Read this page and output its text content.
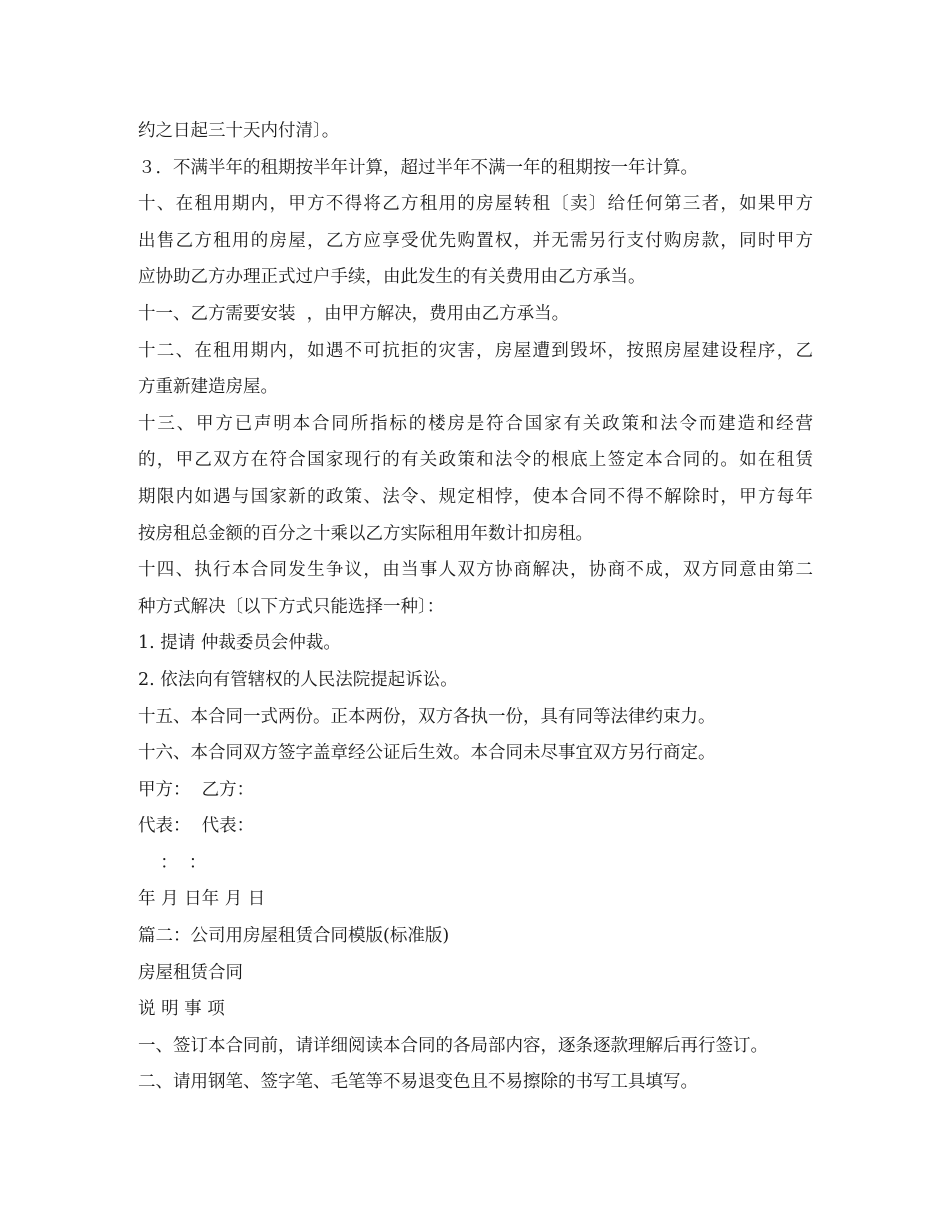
约之日起三十天内付清〕。
３．不满半年的租期按半年计算，超过半年不满一年的租期按一年计算。
十、在租用期内，甲方不得将乙方租用的房屋转租〔卖〕给任何第三者，如果甲方
出售乙方租用的房屋，乙方应享受优先购置权，并无需另行支付购房款，同时甲方
应协助乙方办理正式过户手续，由此发生的有关费用由乙方承当。
十一、乙方需要安装  ，由甲方解决，费用由乙方承当。
十二、在租用期内，如遇不可抗拒的灾害，房屋遭到毁坏，按照房屋建设程序，乙
方重新建造房屋。
十三、甲方已声明本合同所指标的楼房是符合国家有关政策和法令而建造和经营
的，甲乙双方在符合国家现行的有关政策和法令的根底上签定本合同的。如在租赁
期限内如遇与国家新的政策、法令、规定相悖，使本合同不得不解除时，甲方每年
按房租总金额的百分之十乘以乙方实际租用年数计扣房租。
十四、执行本合同发生争议，由当事人双方协商解决，协商不成，双方同意由第二
种方式解决〔以下方式只能选择一种〕：
1. 提请 仲裁委员会仲裁。
2. 依法向有管辖权的人民法院提起诉讼。
十五、本合同一式两份。正本两份，双方各执一份，具有同等法律约束力。
十六、本合同双方签字盖章经公证后生效。本合同未尽事宜双方另行商定。
甲方：  乙方：
代表：  代表：
：  ：
年 月 日年 月 日
篇二：公司用房屋租赁合同模版(标准版)
房屋租赁合同
说 明 事 项
一、签订本合同前，请详细阅读本合同的各局部内容，逐条逐款理解后再行签订。
二、请用钢笔、签字笔、毛笔等不易退变色且不易擦除的书写工具填写。
